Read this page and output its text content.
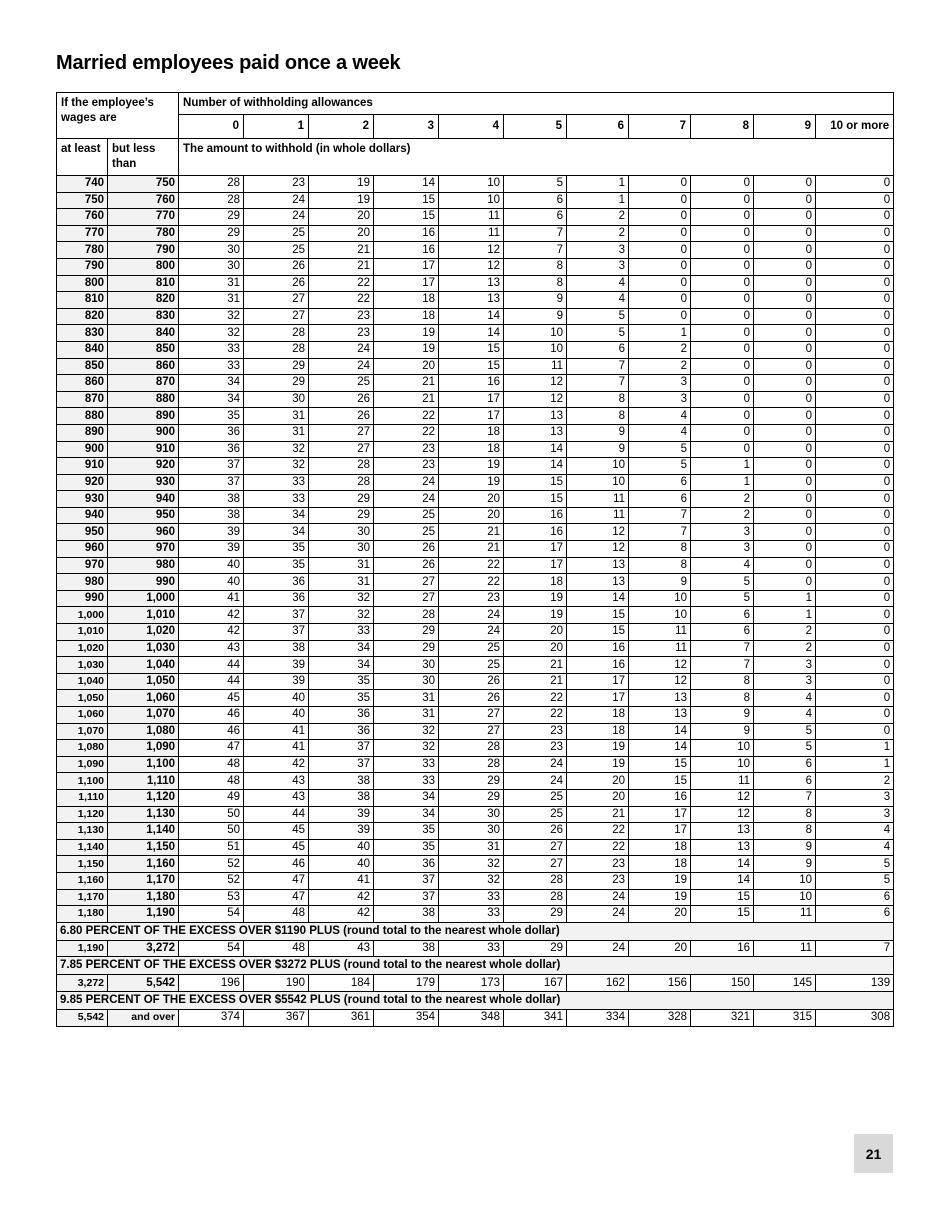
Married employees paid once a week
If the employee’s wages are		Number of withholding allowances										
		0	1	2	3	4	5	6	7	8	9	10 or more
at least	but less than	The amount to withhold (in whole dollars)										
740	750	28	23	19	14	10	5	1	0	0	0	0
750	760	28	24	19	15	10	6	1	0	0	0	0
760	770	29	24	20	15	11	6	2	0	0	0	0
770	780	29	25	20	16	11	7	2	0	0	0	0
780	790	30	25	21	16	12	7	3	0	0	0	0
790	800	30	26	21	17	12	8	3	0	0	0	0
800	810	31	26	22	17	13	8	4	0	0	0	0
810	820	31	27	22	18	13	9	4	0	0	0	0
820	830	32	27	23	18	14	9	5	0	0	0	0
830	840	32	28	23	19	14	10	5	1	0	0	0
840	850	33	28	24	19	15	10	6	2	0	0	0
850	860	33	29	24	20	15	11	7	2	0	0	0
860	870	34	29	25	21	16	12	7	3	0	0	0
870	880	34	30	26	21	17	12	8	3	0	0	0
880	890	35	31	26	22	17	13	8	4	0	0	0
890	900	36	31	27	22	18	13	9	4	0	0	0
900	910	36	32	27	23	18	14	9	5	0	0	0
910	920	37	32	28	23	19	14	10	5	1	0	0
920	930	37	33	28	24	19	15	10	6	1	0	0
930	940	38	33	29	24	20	15	11	6	2	0	0
940	950	38	34	29	25	20	16	11	7	2	0	0
950	960	39	34	30	25	21	16	12	7	3	0	0
960	970	39	35	30	26	21	17	12	8	3	0	0
970	980	40	35	31	26	22	17	13	8	4	0	0
980	990	40	36	31	27	22	18	13	9	5	0	0
990	1,000	41	36	32	27	23	19	14	10	5	1	0
1,000	1,010	42	37	32	28	24	19	15	10	6	1	0
1,010	1,020	42	37	33	29	24	20	15	11	6	2	0
1,020	1,030	43	38	34	29	25	20	16	11	7	2	0
1,030	1,040	44	39	34	30	25	21	16	12	7	3	0
1,040	1,050	44	39	35	30	26	21	17	12	8	3	0
1,050	1,060	45	40	35	31	26	22	17	13	8	4	0
1,060	1,070	46	40	36	31	27	22	18	13	9	4	0
1,070	1,080	46	41	36	32	27	23	18	14	9	5	0
1,080	1,090	47	41	37	32	28	23	19	14	10	5	1
1,090	1,100	48	42	37	33	28	24	19	15	10	6	1
1,100	1,110	48	43	38	33	29	24	20	15	11	6	2
1,110	1,120	49	43	38	34	29	25	20	16	12	7	3
1,120	1,130	50	44	39	34	30	25	21	17	12	8	3
1,130	1,140	50	45	39	35	30	26	22	17	13	8	4
1,140	1,150	51	45	40	35	31	27	22	18	13	9	4
1,150	1,160	52	46	40	36	32	27	23	18	14	9	5
1,160	1,170	52	47	41	37	32	28	23	19	14	10	5
1,170	1,180	53	47	42	37	33	28	24	19	15	10	6
1,180	1,190	54	48	42	38	33	29	24	20	15	11	6
6.80 PERCENT OF THE EXCESS OVER $1190 PLUS (round total to the nearest whole dollar)												
1,190	3,272	54	48	43	38	33	29	24	20	16	11	7
7.85 PERCENT OF THE EXCESS OVER $3272 PLUS (round total to the nearest whole dollar)												
3,272	5,542	196	190	184	179	173	167	162	156	150	145	139
9.85 PERCENT OF THE EXCESS OVER $5542 PLUS (round total to the nearest whole dollar)												
5,542	and over	374	367	361	354	348	341	334	328	321	315	308
21
